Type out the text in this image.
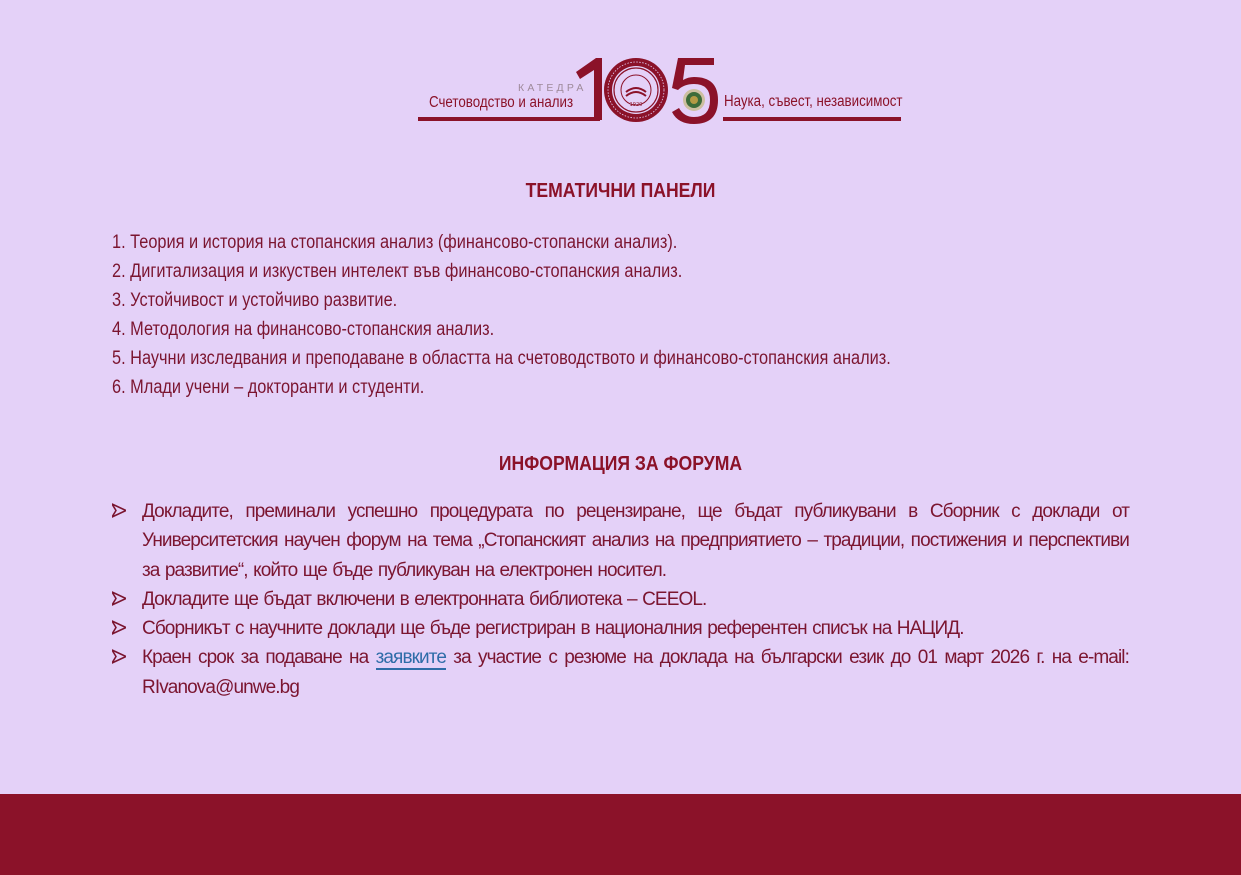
КАТЕДРА
Счетоводство и анализ	Наука, съвест, независимост
1920
ТЕМАТИЧНИ ПАНЕЛИ
1. Теория и история на стопанския анализ (финансово-стопански анализ).
2. Дигитализация и изкуствен интелект във финансово-стопанския анализ.
3. Устойчивост и устойчиво развитие.
4. Методология на финансово-стопанския анализ.
5. Научни изследвания и преподаване в областта на счетоводството и финансово-стопанския анализ.
6. Млади учени – докторанти и студенти.
ИНФОРМАЦИЯ ЗА ФОРУМА
Докладите, преминали успешно процедурата по рецензиране, ще бъдат публикувани в Сборник с доклади от Университетския научен форум на тема „Стопанският анализ на предприятието – традиции, постижения и перспективи за развитие“, който ще бъде публикуван на електронен носител.
Докладите ще бъдат включени в електронната библиотека – CEEOL.
Сборникът с научните доклади ще бъде регистриран в националния референтен списък на НАЦИД.
Краен срок за подаване на заявките за участие с резюме на доклада на български език до 01 март 2026 г. на e-mail: RIvanova@unwe.bg
